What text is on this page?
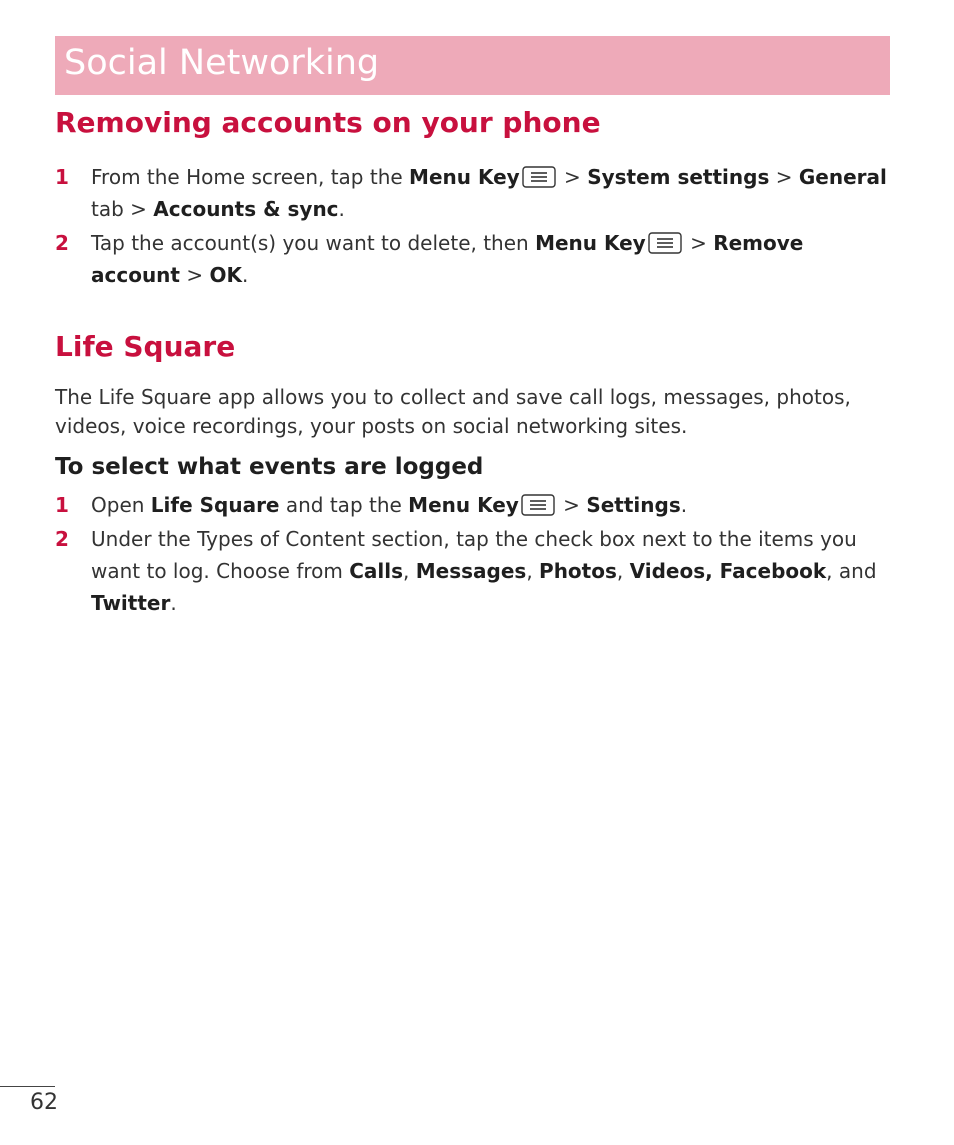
Social Networking
Removing accounts on your phone
1 From the Home screen, tap the Menu Key
> System settings > General tab > Accounts & sync.
2 Tap the account(s) you want to delete, then Menu Key
> Remove account > OK.
Life Square
The Life Square app allows you to collect and save call logs, messages, photos, videos, voice recordings, your posts on social networking sites.
To select what events are logged
1 Open Life Square and tap the Menu Key
> Settings.
2 Under the Types of Content section, tap the check box next to the items you want to log. Choose from Calls, Messages, Photos, Videos, Facebook, and Twitter.
62
